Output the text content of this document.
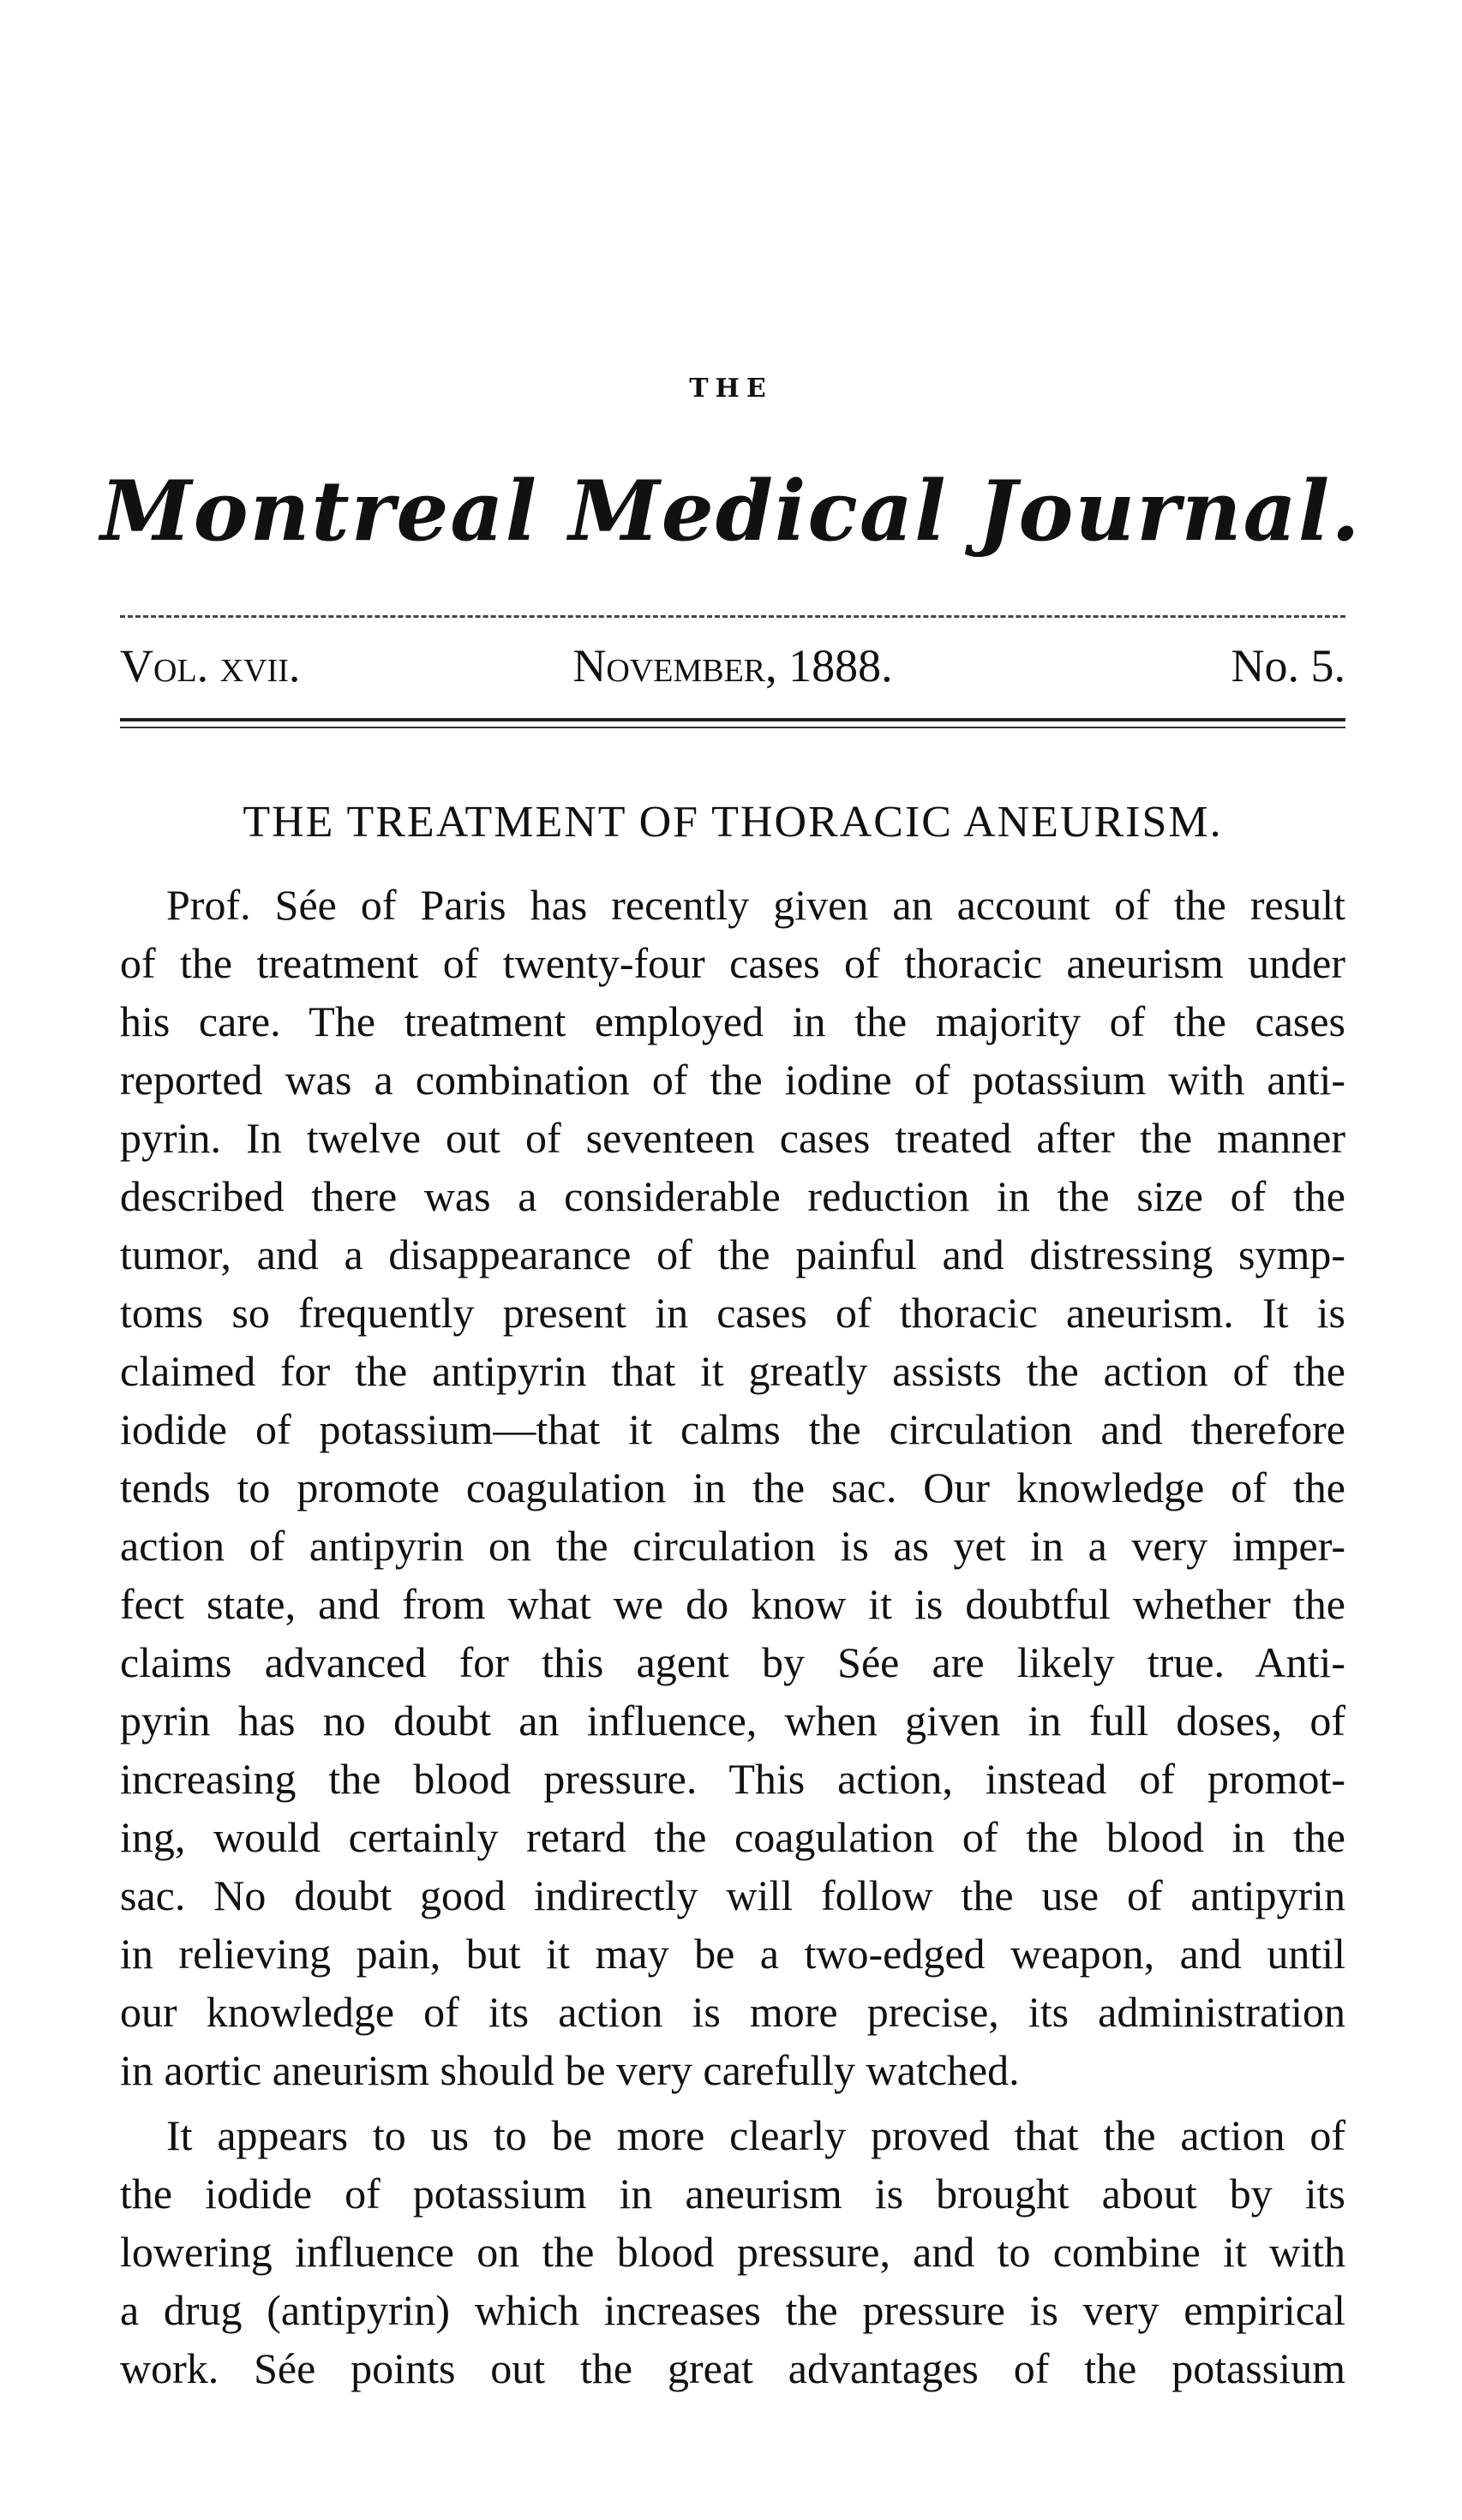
THE
Montreal Medical Journal.
Vol. xvii.	November, 1888.	No. 5.
THE TREATMENT OF THORACIC ANEURISM.
Prof. Sée of Paris has recently given an account of the result
of the treatment of twenty-four cases of thoracic aneurism under
his care. The treatment employed in the majority of the cases
reported was a combination of the iodine of potassium with anti-
pyrin. In twelve out of seventeen cases treated after the manner
described there was a considerable reduction in the size of the
tumor, and a disappearance of the painful and distressing symp-
toms so frequently present in cases of thoracic aneurism. It is
claimed for the antipyrin that it greatly assists the action of the
iodide of potassium—that it calms the circulation and therefore
tends to promote coagulation in the sac. Our knowledge of the
action of antipyrin on the circulation is as yet in a very imper-
fect state, and from what we do know it is doubtful whether the
claims advanced for this agent by Sée are likely true. Anti-
pyrin has no doubt an influence, when given in full doses, of
increasing the blood pressure. This action, instead of promot-
ing, would certainly retard the coagulation of the blood in the
sac. No doubt good indirectly will follow the use of antipyrin
in relieving pain, but it may be a two-edged weapon, and until
our knowledge of its action is more precise, its administration
in aortic aneurism should be very carefully watched.
It appears to us to be more clearly proved that the action of
the iodide of potassium in aneurism is brought about by its
lowering influence on the blood pressure, and to combine it with
a drug (antipyrin) which increases the pressure is very empirical
work. Sée points out the great advantages of the potassium
